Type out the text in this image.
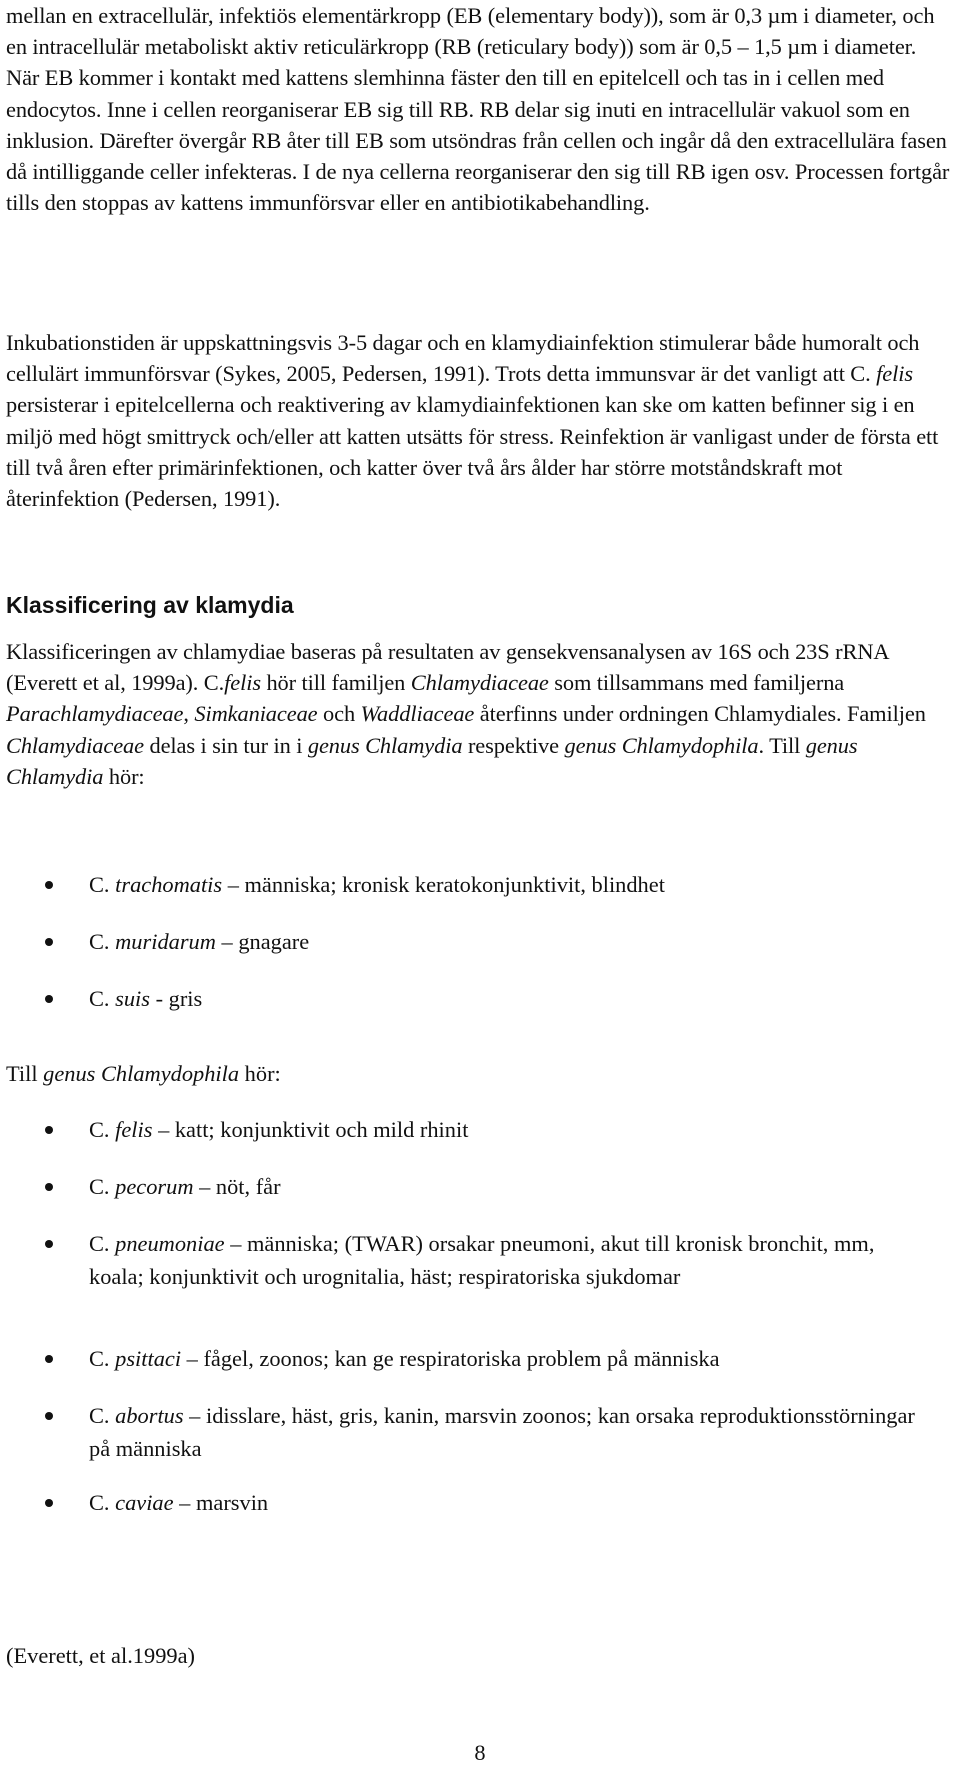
mellan en extracellulär, infektiös elementärkropp (EB (elementary body)), som är 0,3 µm i diameter, och en intracellulär metaboliskt aktiv reticulärkropp (RB (reticulary body)) som är 0,5 – 1,5 µm i diameter. När EB kommer i kontakt med kattens slemhinna fäster den till en epitelcell och tas in i cellen med endocytos. Inne i cellen reorganiserar EB sig till RB. RB delar sig inuti en intracellulär vakuol som en inklusion. Därefter övergår RB åter till EB som utsöndras från cellen och ingår då den extracellulära fasen då intilliggande celler infekteras. I de nya cellerna reorganiserar den sig till RB igen osv. Processen fortgår tills den stoppas av kattens immunförsvar eller en antibiotikabehandling.

Inkubationstiden är uppskattningsvis 3-5 dagar och en klamydiainfektion stimulerar både humoralt och cellulärt immunförsvar (Sykes, 2005, Pedersen, 1991). Trots detta immunsvar är det vanligt att C. felis persisterar i epitelcellerna och reaktivering av klamydiainfektionen kan ske om katten befinner sig i en miljö med högt smittryck och/eller att katten utsätts för stress. Reinfektion är vanligast under de första ett till två åren efter primärinfektionen, och katter över två års ålder har större motståndskraft mot återinfektion (Pedersen, 1991).

Klassificering av klamydia

Klassificeringen av chlamydiae baseras på resultaten av gensekvensanalysen av 16S och 23S rRNA (Everett et al, 1999a). C.felis hör till familjen Chlamydiaceae som tillsammans med familjerna Parachlamydiaceae, Simkaniaceae och Waddliaceae återfinns under ordningen Chlamydiales. Familjen Chlamydiaceae delas i sin tur in i genus Chlamydia respektive genus Chlamydophila. Till genus Chlamydia hör:

C. trachomatis – människa; kronisk keratokonjunktivit, blindhet
C. muridarum – gnagare
C. suis - gris

Till genus Chlamydophila hör:

C. felis – katt; konjunktivit och mild rhinit
C. pecorum – nöt, får
C. pneumoniae – människa; (TWAR) orsakar pneumoni, akut till kronisk bronchit, mm, koala; konjunktivit och urognitalia, häst; respiratoriska sjukdomar
C. psittaci – fågel, zoonos; kan ge respiratoriska problem på människa
C. abortus – idisslare, häst, gris, kanin, marsvin zoonos; kan orsaka reproduktionsstörningar på människa
C. caviae – marsvin

(Everett, et al.1999a)

8
